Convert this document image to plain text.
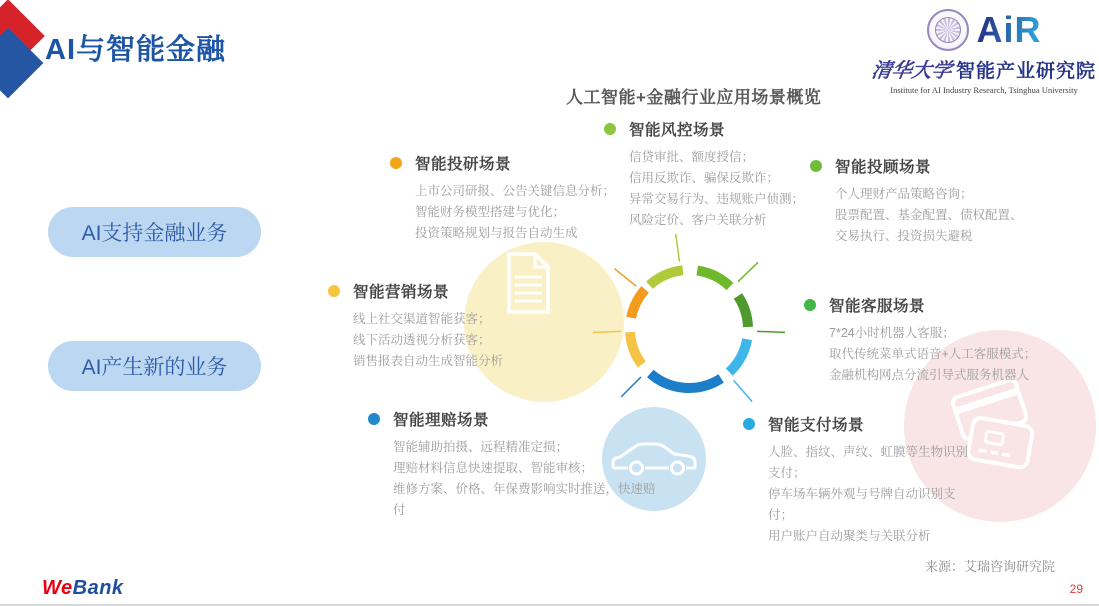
AI与智能金融	AiR
清华大学 智能产业研究院
Institute for AI Industry Research, Tsinghua University
人工智能+金融行业应用场景概览
AI支持金融业务
AI产生新的业务
智能投研场景
上市公司研报、公告关键信息分析；
智能财务模型搭建与优化；
投资策略规划与报告自动生成
智能风控场景
信贷审批、额度授信；
信用反欺诈、骗保反欺诈；
异常交易行为、违规账户侦测；
风险定价、客户关联分析
智能投顾场景
个人理财产品策略咨询；
股票配置、基金配置、债权配置、
交易执行、投资损失避税
智能营销场景
线上社交渠道智能获客；
线下活动透视分析获客；
销售报表自动生成智能分析
智能客服场景
7*24小时机器人客服；
取代传统菜单式语音+人工客服模式；
金融机构网点分流引导式服务机器人
智能理赔场景
智能辅助拍摄、远程精准定损；
理赔材料信息快速提取、智能审核；
维修方案、价格、年保费影响实时推送，快速赔付
智能支付场景
人脸、指纹、声纹、虹膜等生物识别支付；
停车场车辆外观与号牌自动识别支付；
用户账户自动聚类与关联分析
WeBank
来源：艾瑞咨询研究院
29
